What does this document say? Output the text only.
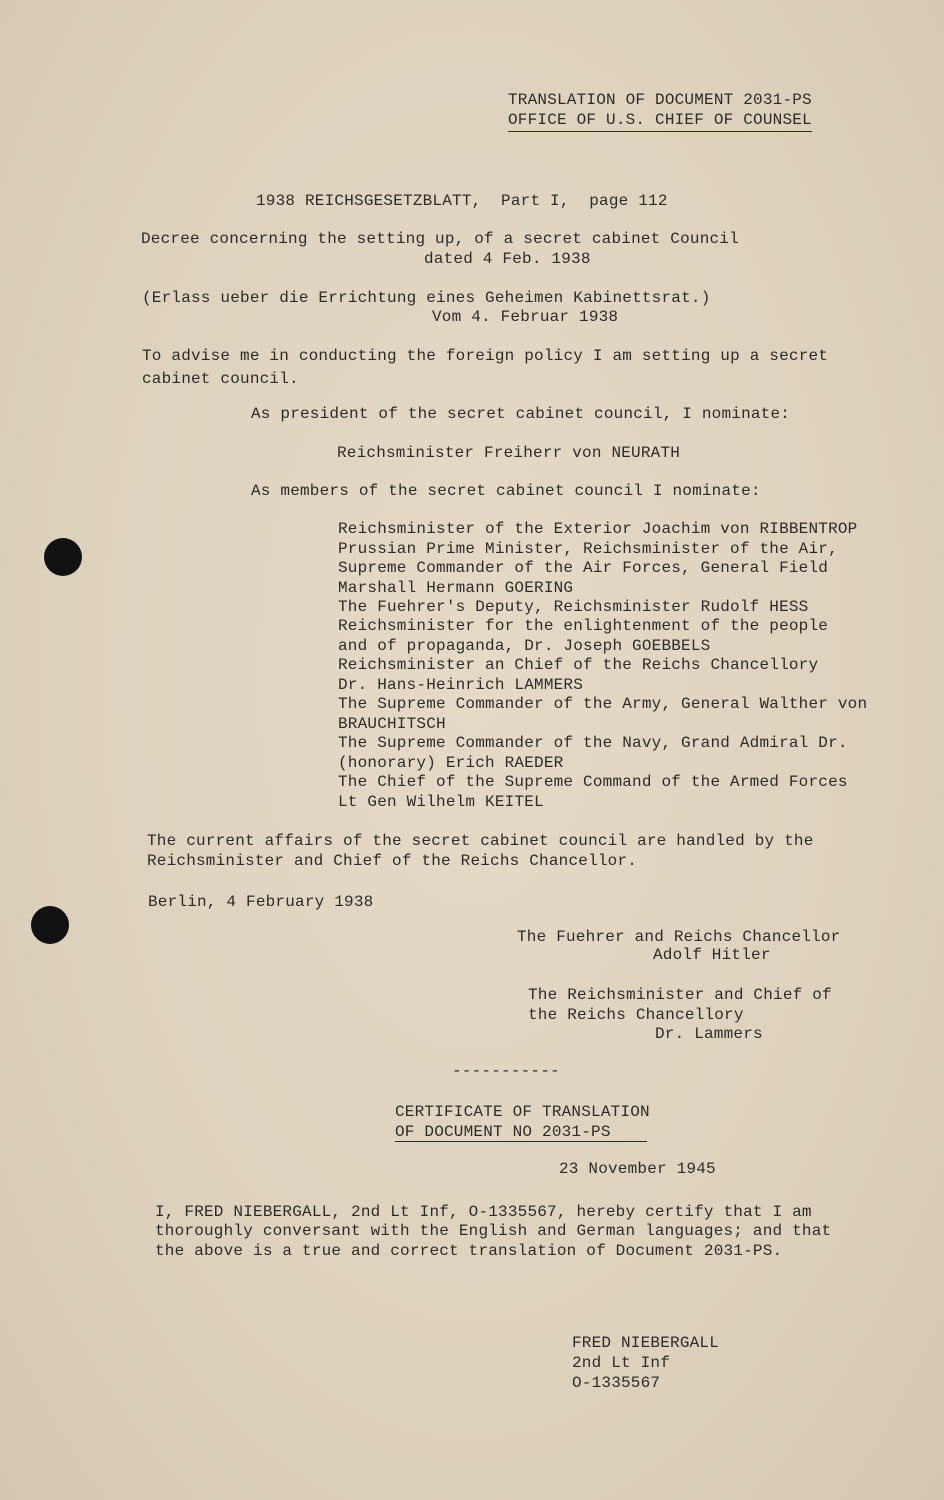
TRANSLATION OF DOCUMENT 2031-PS
OFFICE OF U.S. CHIEF OF COUNSEL
1938 REICHSGESETZBLATT,  Part I,  page 112
Decree concerning the setting up, of a secret cabinet Council
dated 4 Feb. 1938
(Erlass ueber die Errichtung eines Geheimen Kabinettsrat.)
Vom 4. Februar 1938
To advise me in conducting the foreign policy I am setting up a secret
cabinet council.
As president of the secret cabinet council, I nominate:
Reichsminister Freiherr von NEURATH
As members of the secret cabinet council I nominate:
Reichsminister of the Exterior Joachim von RIBBENTROP
Prussian Prime Minister, Reichsminister of the Air,
Supreme Commander of the Air Forces, General Field
Marshall Hermann GOERING
The Fuehrer's Deputy, Reichsminister Rudolf HESS
Reichsminister for the enlightenment of the people
and of propaganda, Dr. Joseph GOEBBELS
Reichsminister an Chief of the Reichs Chancellory
Dr. Hans-Heinrich LAMMERS
The Supreme Commander of the Army, General Walther von
BRAUCHITSCH
The Supreme Commander of the Navy, Grand Admiral Dr.
(honorary) Erich RAEDER
The Chief of the Supreme Command of the Armed Forces
Lt Gen Wilhelm KEITEL
The current affairs of the secret cabinet council are handled by the
Reichsminister and Chief of the Reichs Chancellor.
Berlin, 4 February 1938
The Fuehrer and Reichs Chancellor
Adolf Hitler
The Reichsminister and Chief of
the Reichs Chancellory
Dr. Lammers
-----------
CERTIFICATE OF TRANSLATION
OF DOCUMENT NO 2031-PS
23 November 1945
I, FRED NIEBERGALL, 2nd Lt Inf, O-1335567, hereby certify that I am
thoroughly conversant with the English and German languages; and that
the above is a true and correct translation of Document 2031-PS.
FRED NIEBERGALL
2nd Lt Inf
O-1335567
